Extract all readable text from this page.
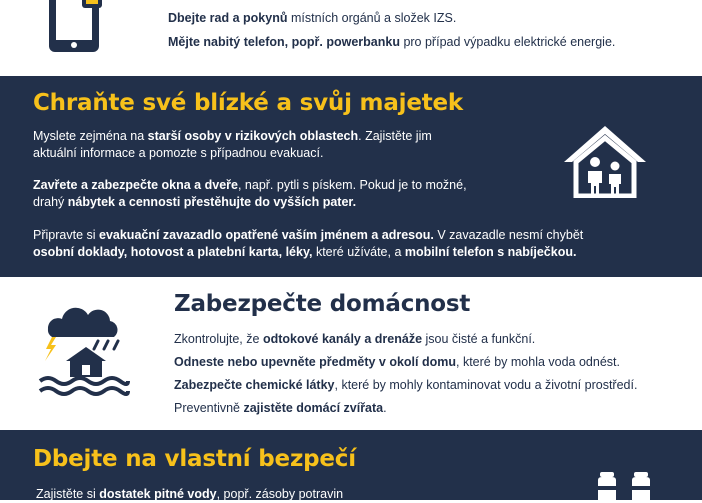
Dbejte rad a pokynů místních orgánů a složek IZS.

Mějte nabitý telefon, popř. powerbanku pro případ výpadku elektrické energie.

Chraňte své blízké a svůj majetek

Myslete zejména na starší osoby v rizikových oblastech. Zajistěte jim
aktuální informace a pomozte s případnou evakuací.

Zavřete a zabezpečte okna a dveře, např. pytli s pískem. Pokud je to možné,
drahý nábytek a cennosti přestěhujte do vyšších pater.

Připravte si evakuační zavazadlo opatřené vaším jménem a adresou. V zavazadle nesmí chybět
osobní doklady, hotovost a platební karta, léky, které užíváte, a mobilní telefon s nabíječkou.

Zabezpečte domácnost

Zkontrolujte, že odtokové kanály a drenáže jsou čisté a funkční.

Odneste nebo upevněte předměty v okolí domu, které by mohla voda odnést.

Zabezpečte chemické látky, které by mohly kontaminovat vodu a životní prostředí.

Preventivně zajistěte domácí zvířata.

Dbejte na vlastní bezpečí

Zajistěte si dostatek pitné vody, popř. zásoby potravin
